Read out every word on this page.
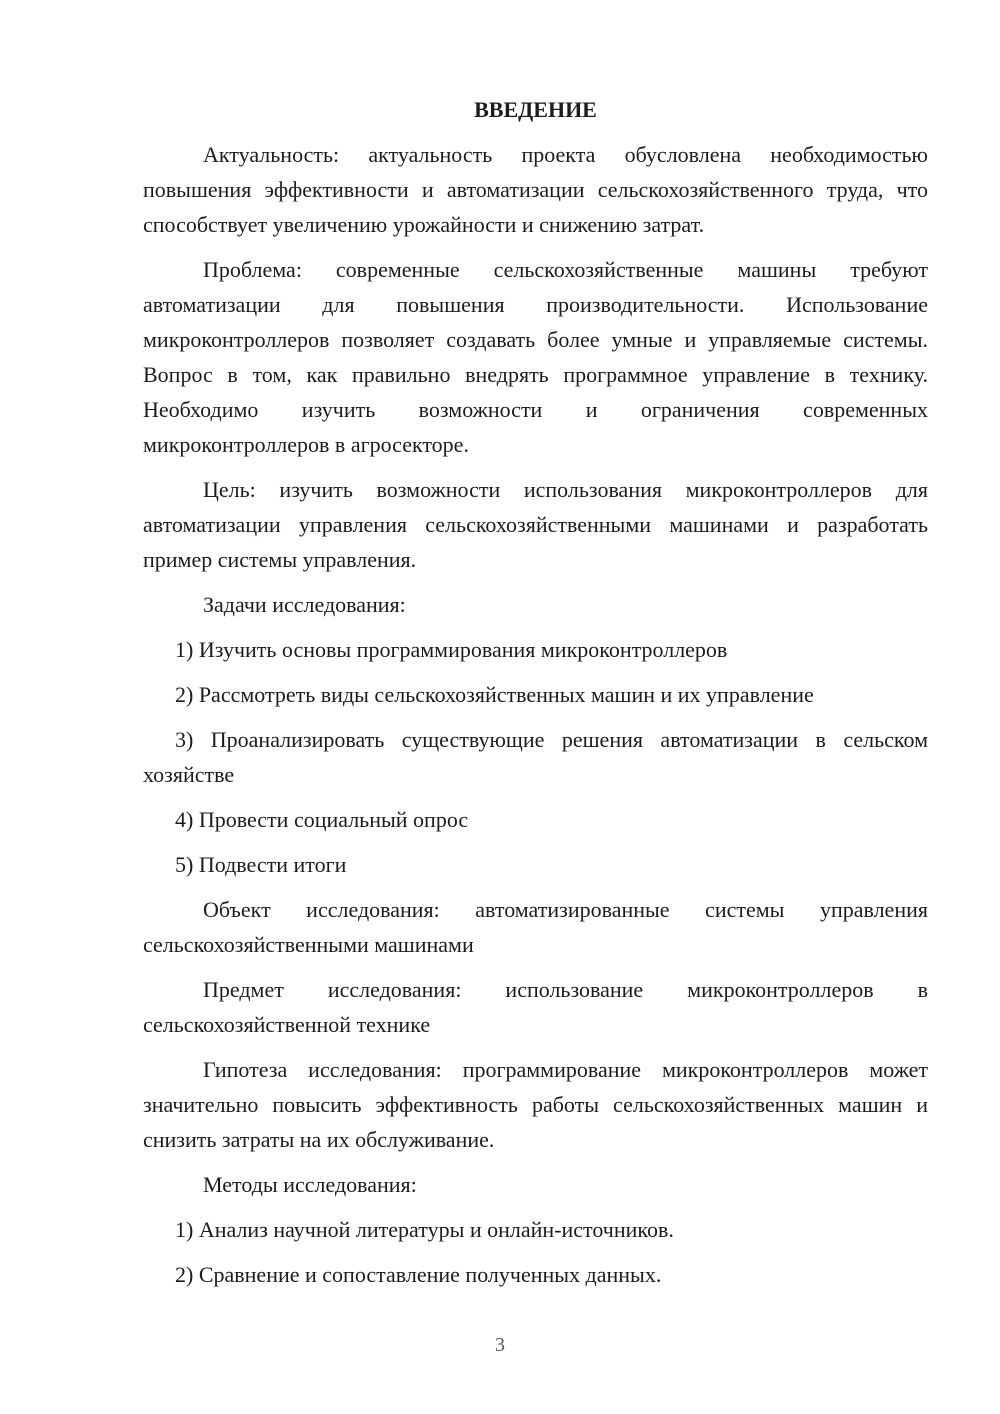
ВВЕДЕНИЕ

Актуальность: актуальность проекта обусловлена необходимостью повышения эффективности и автоматизации сельскохозяйственного труда, что способствует увеличению урожайности и снижению затрат.

Проблема: современные сельскохозяйственные машины требуют автоматизации для повышения производительности. Использование микроконтроллеров позволяет создавать более умные и управляемые системы. Вопрос в том, как правильно внедрять программное управление в технику. Необходимо изучить возможности и ограничения современных микроконтроллеров в агросекторе.

Цель: изучить возможности использования микроконтроллеров для автоматизации управления сельскохозяйственными машинами и разработать пример системы управления.

Задачи исследования:

1) Изучить основы программирования микроконтроллеров

2) Рассмотреть виды сельскохозяйственных машин и их управление

3) Проанализировать существующие решения автоматизации в сельском хозяйстве

4) Провести социальный опрос

5) Подвести итоги

Объект исследования: автоматизированные системы управления сельскохозяйственными машинами

Предмет исследования: использование микроконтроллеров в сельскохозяйственной технике

Гипотеза исследования: программирование микроконтроллеров может значительно повысить эффективность работы сельскохозяйственных машин и снизить затраты на их обслуживание.

Методы исследования:

1) Анализ научной литературы и онлайн-источников.

2) Сравнение и сопоставление полученных данных.

3
